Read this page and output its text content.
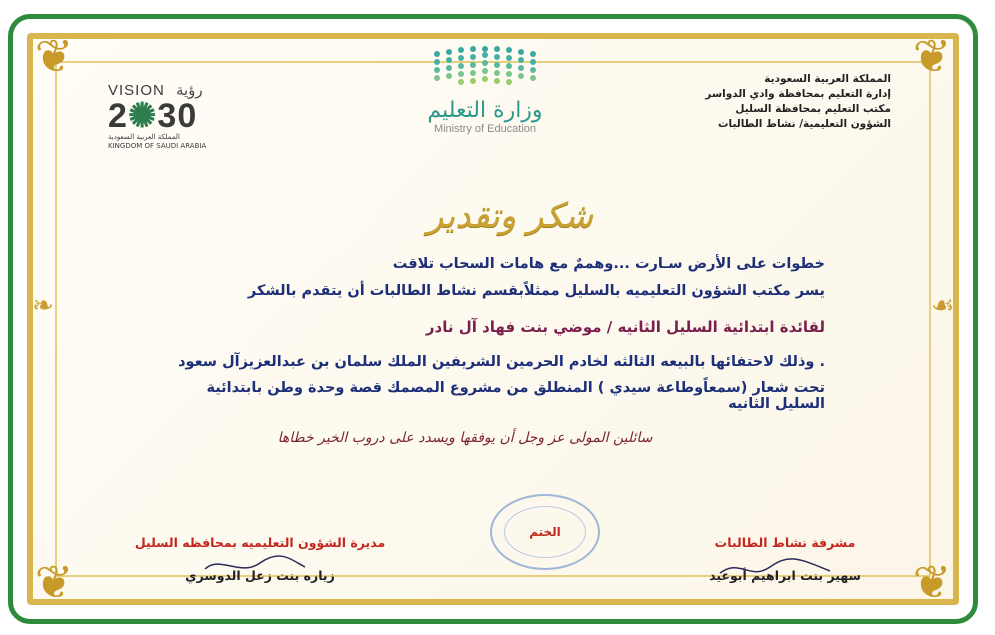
❦	❦
❦	❦
❧	☙
VISION رؤية
2✺30
المملكة العربية السعودية
KINGDOM OF SAUDI ARABIA
وزارة التعليم
Ministry of Education
المملكة العربية السعودية
إدارة التعليم بمحافظة وادي الدواسر
مكتب التعليم بمحافظة السليل
الشؤون التعليمية/ نشاط الطالبات
شكر وتقدير
خطوات على الأرض سـارت ...وهممٌ مع هامات السحاب تلاقت
يسر مكتب الشؤون التعليميه بالسليل ممثلاًبقسم نشاط الطالبات أن يتقدم بالشكر
لقائدة ابتدائية السليل الثانيه / موضي بنت فهاد آل نادر
. وذلك لاحتفائها بالبيعه الثالثه لخادم الحرمين الشريفين الملك سلمان بن عبدالعزيزآل سعود
تحت شعار (سمعاًوطاعة سيدي ) المنطلق من مشروع المصمك قصة وحدة وطن بابتدائية السليل الثانيه
سائلين المولى عز وجل أن يوفقها ويسدد على دروب الخير خطاها
الختم
مشرفة نشاط الطالبات
سهير بنت ابراهيم أبوعيد
مديرة الشؤون التعليميه بمحافظه السليل
زياره بنت زعل الدوسري
